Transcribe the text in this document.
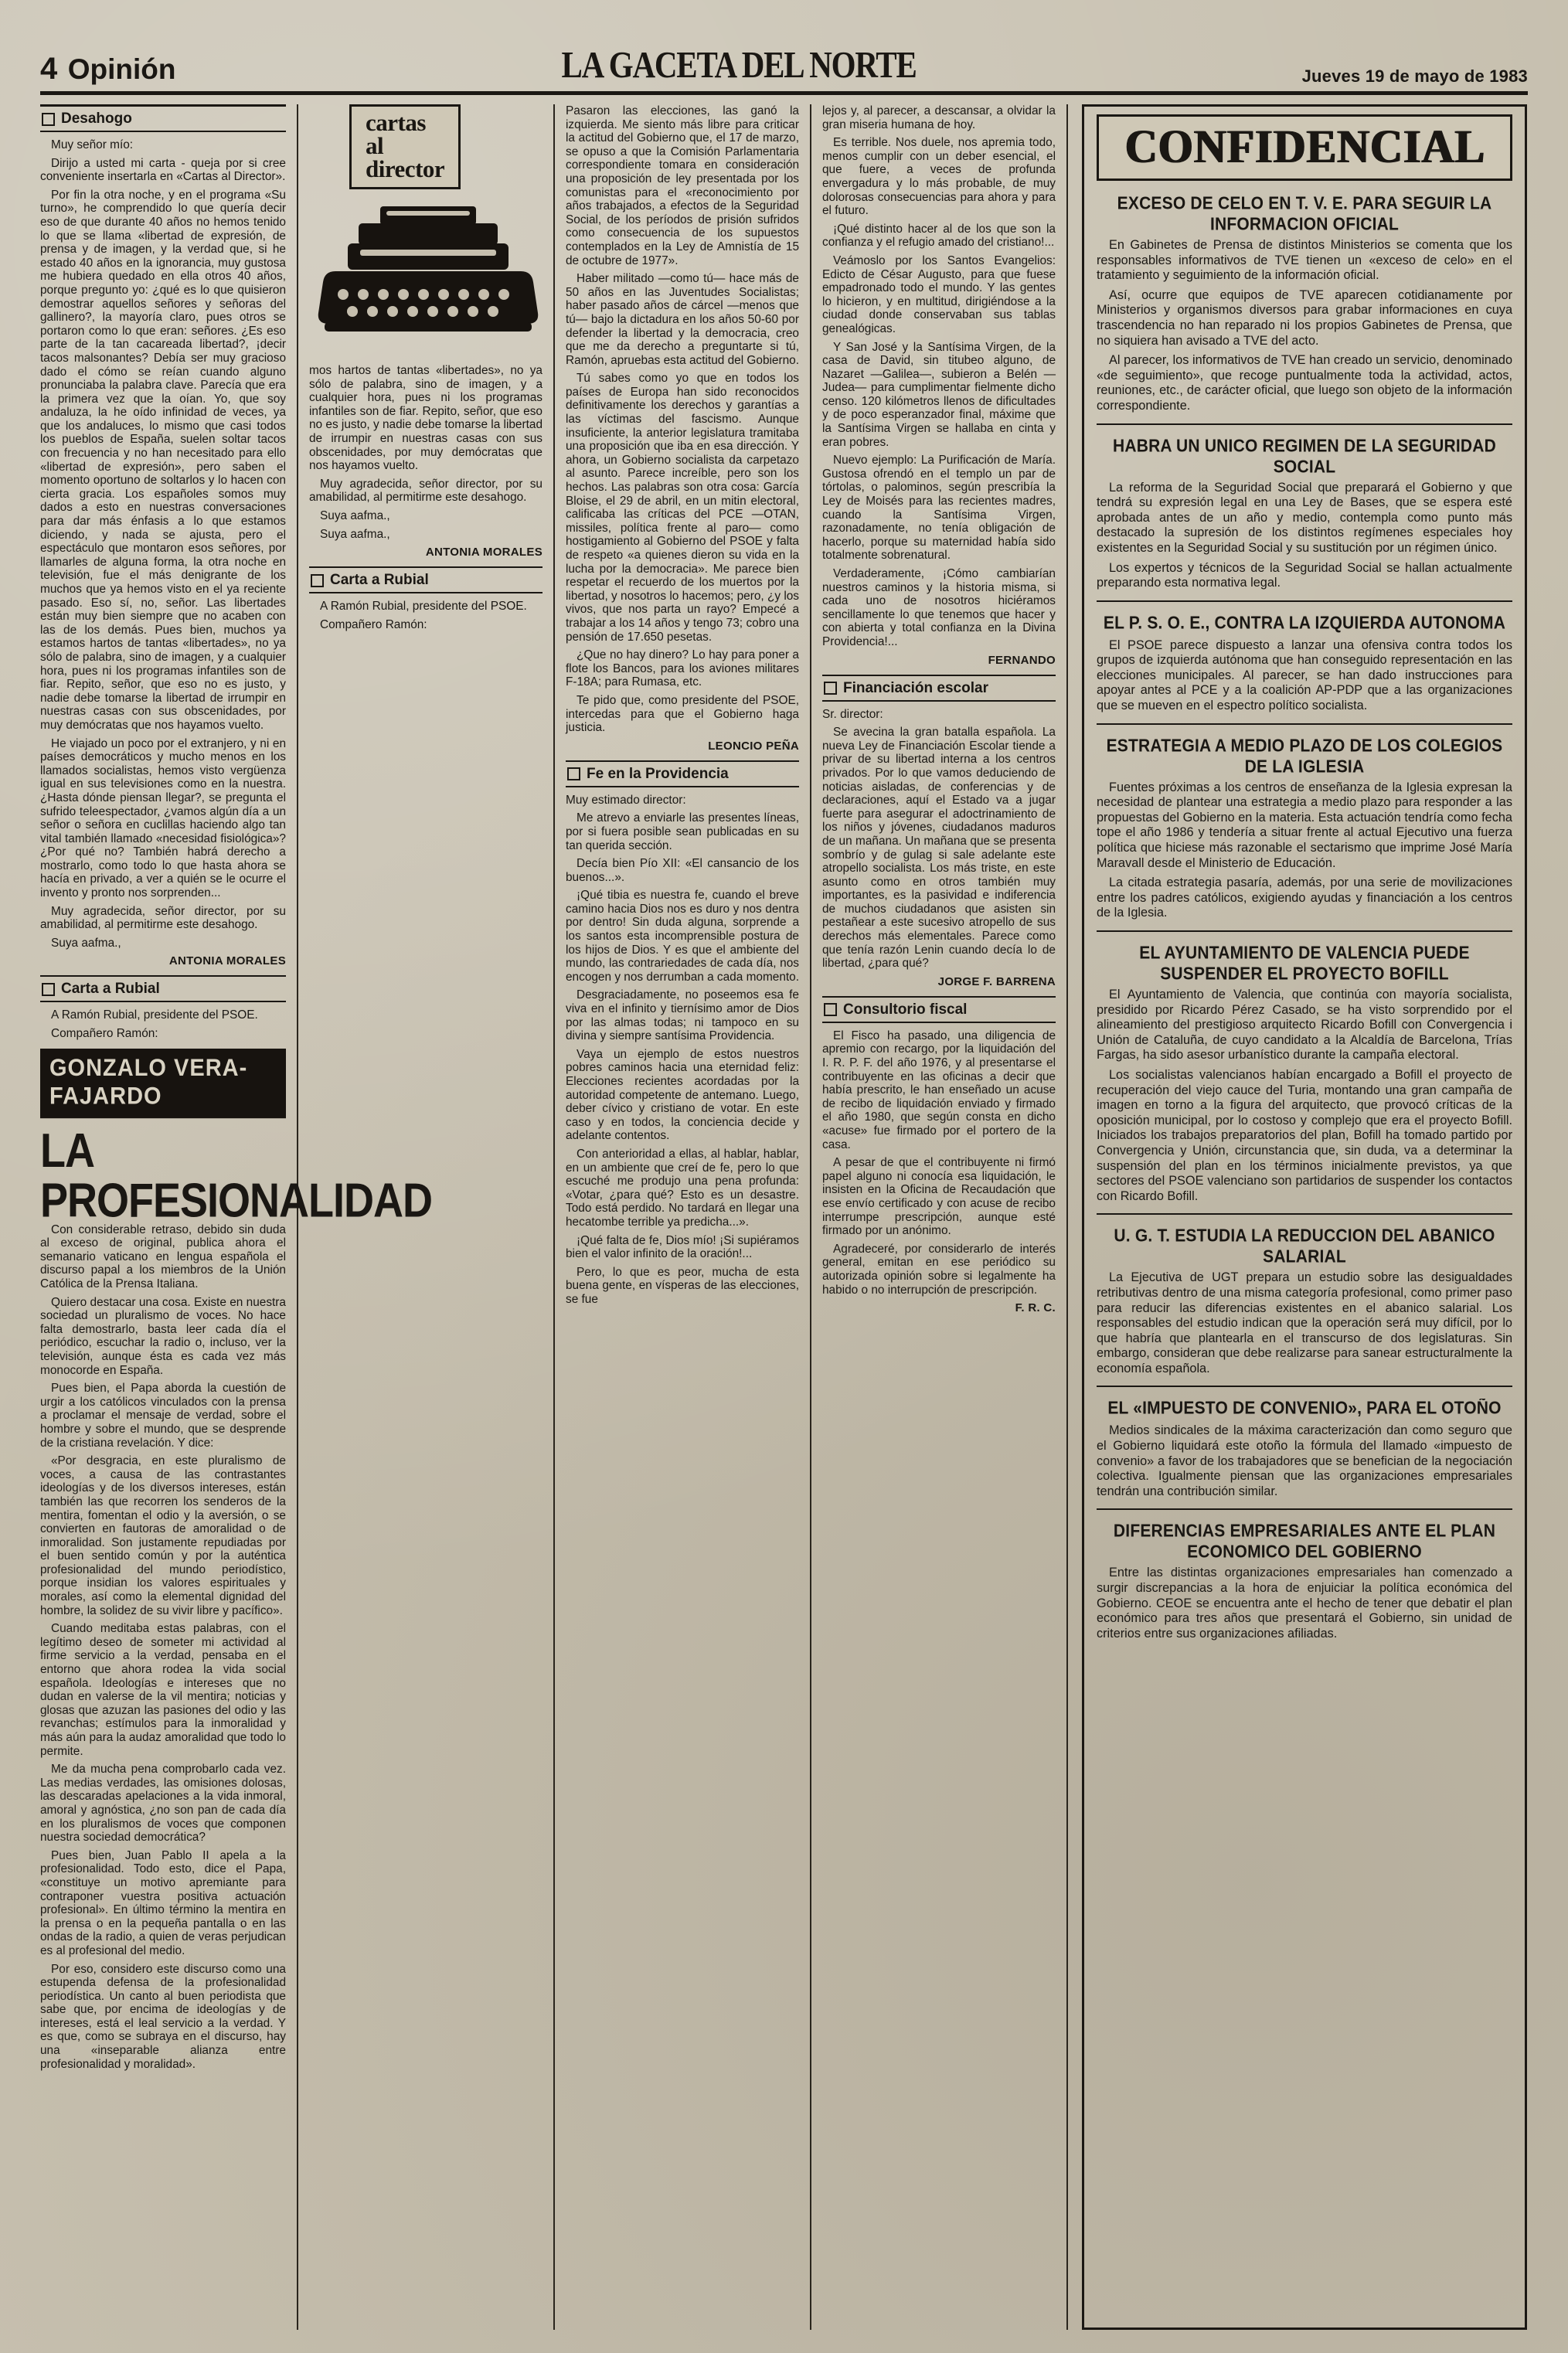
4 Opinión	LA GACETA DEL NORTE	Jueves 19 de mayo de 1983
Desahogo

Muy señor mío:

Dirijo a usted mi carta - queja por si cree conveniente insertarla en «Cartas al Director».

Por fin la otra noche, y en el programa «Su turno», he comprendido lo que quería decir eso de que durante 40 años no hemos tenido lo que se llama «libertad de expresión, de prensa y de imagen, y la verdad que, si he estado 40 años en la ignorancia, muy gustosa me hubiera quedado en ella otros 40 años, porque pregunto yo: ¿qué es lo que quisieron demostrar aquellos señores y señoras del gallinero?, la mayoría claro, pues otros se portaron como lo que eran: señores. ¿Es eso parte de la tan cacareada libertad?, ¡decir tacos malsonantes? Debía ser muy gracioso dado el cómo se reían cuando alguno pronunciaba la palabra clave. Parecía que era la primera vez que la oían. Yo, que soy andaluza, la he oído infinidad de veces, ya que los andaluces, lo mismo que casi todos los pueblos de España, suelen soltar tacos con frecuencia y no han necesitado para ello «libertad de expresión», pero saben el momento oportuno de soltarlos y lo hacen con cierta gracia. Los españoles somos muy dados a esto en nuestras conversaciones para dar más énfasis a lo que estamos diciendo, y nada se ajusta, pero el espectáculo que montaron esos señores, por llamarles de alguna forma, la otra noche en televisión, fue el más denigrante de los muchos que ya hemos visto en el ya reciente pasado. Eso sí, no, señor. Las libertades están muy bien siempre que no acaben con las de los demás. Pues bien, muchos ya estamos hartos de tantas «libertades», no ya sólo de palabra, sino de imagen, y a cualquier hora, pues ni los programas infantiles son de fiar. Repito, señor, que eso no es justo, y nadie debe tomarse la libertad de irrumpir en nuestras casas con sus obscenidades, por muy demócratas que nos hayamos vuelto.

He viajado un poco por el extranjero, y ni en países democráticos y mucho menos en los llamados socialistas, hemos visto vergüenza igual en sus televisiones como en la nuestra. ¿Hasta dónde piensan llegar?, se pregunta el sufrido teleespectador, ¿vamos algún día a un señor o señora en cuclillas haciendo algo tan vital también llamado «necesidad fisiológica»? ¿Por qué no? También habrá derecho a mostrarlo, como todo lo que hasta ahora se hacía en privado, a ver a quién se le ocurre el invento y pronto nos sorprenden...

Muy agradecida, señor director, por su amabilidad, al permitirme este desahogo.

Suya aafma.,

ANTONIA MORALES
Carta a Rubial

A Ramón Rubial, presidente del PSOE.

Compañero Ramón:

GONZALO VERA-FAJARDO
LA PROFESIONALIDAD

Con considerable retraso, debido sin duda al exceso de original, publica ahora el semanario vaticano en lengua española el discurso papal a los miembros de la Unión Católica de la Prensa Italiana.

Quiero destacar una cosa. Existe en nuestra sociedad un pluralismo de voces. No hace falta demostrarlo, basta leer cada día el periódico, escuchar la radio o, incluso, ver la televisión, aunque ésta es cada vez más monocorde en España.

Pues bien, el Papa aborda la cuestión de urgir a los católicos vinculados con la prensa a proclamar el mensaje de verdad, sobre el hombre y sobre el mundo, que se desprende de la cristiana revelación. Y dice:

«Por desgracia, en este pluralismo de voces, a causa de las contrastantes ideologías y de los diversos intereses, están también las que recorren los senderos de la mentira, fomentan el odio y la aversión, o se convierten en fautoras de amoralidad o de inmoralidad. Son justamente repudiadas por el buen sentido común y por la auténtica profesionalidad del mundo periodístico, porque insidian los valores espirituales y morales, así como la elemental dignidad del hombre, la solidez de su vivir libre y pacífico».

Cuando meditaba estas palabras, con el legítimo deseo de someter mi actividad al firme servicio a la verdad, pensaba en el entorno que ahora rodea la vida social española. Ideologías e intereses que no dudan en valerse de la vil mentira; noticias y glosas que azuzan las pasiones del odio y las revanchas; estímulos para la inmoralidad y más aún para la audaz amoralidad que todo lo permite.

Me da mucha pena comprobarlo cada vez. Las medias verdades, las omisiones dolosas, las descaradas apelaciones a la vida inmoral, amoral y agnóstica, ¿no son pan de cada día en los pluralismos de voces que componen nuestra sociedad democrática?

Pues bien, Juan Pablo II apela a la profesionalidad. Todo esto, dice el Papa, «constituye un motivo apremiante para contraponer vuestra positiva actuación profesional». En último término la mentira en la prensa o en la pequeña pantalla o en las ondas de la radio, a quien de veras perjudican es al profesional del medio.

Por eso, considero este discurso como una estupenda defensa de la profesionalidad periodística. Un canto al buen periodista que sabe que, por encima de ideologías y de intereses, está el leal servicio a la verdad. Y es que, como se subraya en el discurso, hay una «inseparable alianza entre profesionalidad y moralidad».

cartas
al
director

mos hartos de tantas «libertades», no ya sólo de palabra, sino de imagen, y a cualquier hora, pues ni los programas infantiles son de fiar. Repito, señor, que eso no es justo, y nadie debe tomarse la libertad de irrumpir en nuestras casas con sus obscenidades, por muy demócratas que nos hayamos vuelto.

Muy agradecida, señor director, por su amabilidad, al permitirme este desahogo.

Suya aafma.,

Suya aafma.,

ANTONIA MORALES
Carta a Rubial

A Ramón Rubial, presidente del PSOE.

Compañero Ramón:

Pasaron las elecciones, las ganó la izquierda. Me siento más libre para criticar la actitud del Gobierno que, el 17 de marzo, se opuso a que la Comisión Parlamentaria correspondiente tomara en consideración una proposición de ley presentada por los comunistas para el «reconocimiento por años trabajados, a efectos de la Seguridad Social, de los períodos de prisión sufridos como consecuencia de los supuestos contemplados en la Ley de Amnistía de 15 de octubre de 1977».

Haber militado —como tú— hace más de 50 años en las Juventudes Socialistas; haber pasado años de cárcel —menos que tú— bajo la dictadura en los años 50-60 por defender la libertad y la democracia, creo que me da derecho a preguntarte si tú, Ramón, apruebas esta actitud del Gobierno.

Tú sabes como yo que en todos los países de Europa han sido reconocidos definitivamente los derechos y garantías a las víctimas del fascismo. Aunque insuficiente, la anterior legislatura tramitaba una proposición que iba en esa dirección. Y ahora, un Gobierno socialista da carpetazo al asunto. Parece increíble, pero son los hechos. Las palabras son otra cosa: García Bloise, el 29 de abril, en un mitin electoral, calificaba las críticas del PCE —OTAN, missiles, política frente al paro— como hostigamiento al Gobierno del PSOE y falta de respeto «a quienes dieron su vida en la lucha por la democracia». Me parece bien respetar el recuerdo de los muertos por la libertad, y nosotros lo hacemos; pero, ¿y los vivos, que nos parta un rayo? Empecé a trabajar a los 14 años y tengo 73; cobro una pensión de 17.650 pesetas.

¿Que no hay dinero? Lo hay para poner a flote los Bancos, para los aviones militares F-18A; para Rumasa, etc.

Te pido que, como presidente del PSOE, intercedas para que el Gobierno haga justicia.

LEONCIO PEÑA
Fe en la Providencia

Muy estimado director:

Me atrevo a enviarle las presentes líneas, por si fuera posible sean publicadas en su tan querida sección.

Decía bien Pío XII: «El cansancio de los buenos...».

¡Qué tibia es nuestra fe, cuando el breve camino hacia Dios nos es duro y nos dentra por dentro! Sin duda alguna, sorprende a los santos esta incomprensible postura de los hijos de Dios. Y es que el ambiente del mundo, las contrariedades de cada día, nos encogen y nos derrumban a cada momento.

Desgraciadamente, no poseemos esa fe viva en el infinito y tiernísimo amor de Dios por las almas todas; ni tampoco en su divina y siempre santísima Providencia.

Vaya un ejemplo de estos nuestros pobres caminos hacia una eternidad feliz: Elecciones recientes acordadas por la autoridad competente de antemano. Luego, deber cívico y cristiano de votar. En este caso y en todos, la conciencia decide y adelante contentos.

Con anterioridad a ellas, al hablar, hablar, en un ambiente que creí de fe, pero lo que escuché me produjo una pena profunda: «Votar, ¿para qué? Esto es un desastre. Todo está perdido. No tardará en llegar una hecatombe terrible ya predicha...».

¡Qué falta de fe, Dios mío! ¡Si supiéramos bien el valor infinito de la oración!...

Pero, lo que es peor, mucha de esta buena gente, en vísperas de las elecciones, se fue

lejos y, al parecer, a descansar, a olvidar la gran miseria humana de hoy.

Es terrible. Nos duele, nos apremia todo, menos cumplir con un deber esencial, el que fuere, a veces de profunda envergadura y lo más probable, de muy dolorosas consecuencias para ahora y para el futuro.

¡Qué distinto hacer al de los que son la confianza y el refugio amado del cristiano!...

Veámoslo por los Santos Evangelios: Edicto de César Augusto, para que fuese empadronado todo el mundo. Y las gentes lo hicieron, y en multitud, dirigiéndose a la ciudad donde conservaban sus tablas genealógicas.

Y San José y la Santísima Virgen, de la casa de David, sin titubeo alguno, de Nazaret —Galilea—, subieron a Belén —Judea— para cumplimentar fielmente dicho censo. 120 kilómetros llenos de dificultades y de poco esperanzador final, máxime que la Santísima Virgen se hallaba en cinta y eran pobres.

Nuevo ejemplo: La Purificación de María. Gustosa ofrendó en el templo un par de tórtolas, o palominos, según prescribía la Ley de Moisés para las recientes madres, cuando la Santísima Virgen, razonadamente, no tenía obligación de hacerlo, porque su maternidad había sido totalmente sobrenatural.

Verdaderamente, ¡Cómo cambiarían nuestros caminos y la historia misma, si cada uno de nosotros hiciéramos sencillamente lo que tenemos que hacer y con abierta y total confianza en la Divina Providencia!...

FERNANDO
Financiación escolar

Sr. director:

Se avecina la gran batalla española. La nueva Ley de Financiación Escolar tiende a privar de su libertad interna a los centros privados. Por lo que vamos deduciendo de noticias aisladas, de conferencias y de declaraciones, aquí el Estado va a jugar fuerte para asegurar el adoctrinamiento de los niños y jóvenes, ciudadanos maduros de un mañana. Un mañana que se presenta sombrío y de gulag si sale adelante este atropello socialista. Los más triste, en este asunto como en otros también muy importantes, es la pasividad e indiferencia de muchos ciudadanos que asisten sin pestañear a este sucesivo atropello de sus derechos más elementales. Parece como que tenía razón Lenin cuando decía lo de libertad, ¿para qué?

JORGE F. BARRENA
Consultorio fiscal

El Fisco ha pasado, una diligencia de apremio con recargo, por la liquidación del I. R. P. F. del año 1976, y al presentarse el contribuyente en las oficinas a decir que había prescrito, le han enseñado un acuse de recibo de liquidación enviado y firmado el año 1980, que según consta en dicho «acuse» fue firmado por el portero de la casa.

A pesar de que el contribuyente ni firmó papel alguno ni conocía esa liquidación, le insisten en la Oficina de Recaudación que ese envío certificado y con acuse de recibo interrumpe prescripción, aunque esté firmado por un anónimo.

Agradeceré, por considerarlo de interés general, emitan en ese periódico su autorizada opinión sobre si legalmente ha habido o no interrupción de prescripción.

F. R. C.
CONFIDENCIAL
EXCESO DE CELO EN T. V. E. PARA SEGUIR LA INFORMACION OFICIAL

En Gabinetes de Prensa de distintos Ministerios se comenta que los responsables informativos de TVE tienen un «exceso de celo» en el tratamiento y seguimiento de la información oficial.

Así, ocurre que equipos de TVE aparecen cotidianamente por Ministerios y organismos diversos para grabar informaciones en cuya trascendencia no han reparado ni los propios Gabinetes de Prensa, que no siquiera han avisado a TVE del acto.

Al parecer, los informativos de TVE han creado un servicio, denominado «de seguimiento», que recoge puntualmente toda la actividad, actos, reuniones, etc., de carácter oficial, que luego son objeto de la información correspondiente.

HABRA UN UNICO REGIMEN DE LA SEGURIDAD SOCIAL

La reforma de la Seguridad Social que preparará el Gobierno y que tendrá su expresión legal en una Ley de Bases, que se espera esté aprobada antes de un año y medio, contempla como punto más destacado la supresión de los distintos regímenes especiales hoy existentes en la Seguridad Social y su sustitución por un régimen único.

Los expertos y técnicos de la Seguridad Social se hallan actualmente preparando esta normativa legal.

EL P. S. O. E., CONTRA LA IZQUIERDA AUTONOMA

El PSOE parece dispuesto a lanzar una ofensiva contra todos los grupos de izquierda autónoma que han conseguido representación en las elecciones municipales. Al parecer, se han dado instrucciones para apoyar antes al PCE y a la coalición AP-PDP que a las organizaciones que se mueven en el espectro político socialista.

ESTRATEGIA A MEDIO PLAZO DE LOS COLEGIOS DE LA IGLESIA

Fuentes próximas a los centros de enseñanza de la Iglesia expresan la necesidad de plantear una estrategia a medio plazo para responder a las propuestas del Gobierno en la materia. Esta actuación tendría como fecha tope el año 1986 y tendería a situar frente al actual Ejecutivo una fuerza política que hiciese más razonable el sectarismo que imprime José María Maravall desde el Ministerio de Educación.

La citada estrategia pasaría, además, por una serie de movilizaciones entre los padres católicos, exigiendo ayudas y financiación a los centros de la Iglesia.

EL AYUNTAMIENTO DE VALENCIA PUEDE SUSPENDER EL PROYECTO BOFILL

El Ayuntamiento de Valencia, que continúa con mayoría socialista, presidido por Ricardo Pérez Casado, se ha visto sorprendido por el alineamiento del prestigioso arquitecto Ricardo Bofill con Convergencia i Unión de Cataluña, de cuyo candidato a la Alcaldía de Barcelona, Trías Fargas, ha sido asesor urbanístico durante la campaña electoral.

Los socialistas valencianos habían encargado a Bofill el proyecto de recuperación del viejo cauce del Turia, montando una gran campaña de imagen en torno a la figura del arquitecto, que provocó críticas de la oposición municipal, por lo costoso y complejo que era el proyecto Bofill. Iniciados los trabajos preparatorios del plan, Bofill ha tomado partido por Convergencia y Unión, circunstancia que, sin duda, va a determinar la suspensión del plan en los términos inicialmente previstos, ya que sectores del PSOE valenciano son partidarios de suspender los contactos con Ricardo Bofill.

U. G. T. ESTUDIA LA REDUCCION DEL ABANICO SALARIAL

La Ejecutiva de UGT prepara un estudio sobre las desigualdades retributivas dentro de una misma categoría profesional, como primer paso para reducir las diferencias existentes en el abanico salarial. Los responsables del estudio indican que la operación será muy difícil, por lo que habría que plantearla en el transcurso de dos legislaturas. Sin embargo, consideran que debe realizarse para sanear estructuralmente la economía española.

EL «IMPUESTO DE CONVENIO», PARA EL OTOÑO

Medios sindicales de la máxima caracterización dan como seguro que el Gobierno liquidará este otoño la fórmula del llamado «impuesto de convenio» a favor de los trabajadores que se benefician de la negociación colectiva. Igualmente piensan que las organizaciones empresariales tendrán una contribución similar.

DIFERENCIAS EMPRESARIALES ANTE EL PLAN ECONOMICO DEL GOBIERNO

Entre las distintas organizaciones empresariales han comenzado a surgir discrepancias a la hora de enjuiciar la política económica del Gobierno. CEOE se encuentra ante el hecho de tener que debatir el plan económico para tres años que presentará el Gobierno, sin unidad de criterios entre sus organizaciones afiliadas.
